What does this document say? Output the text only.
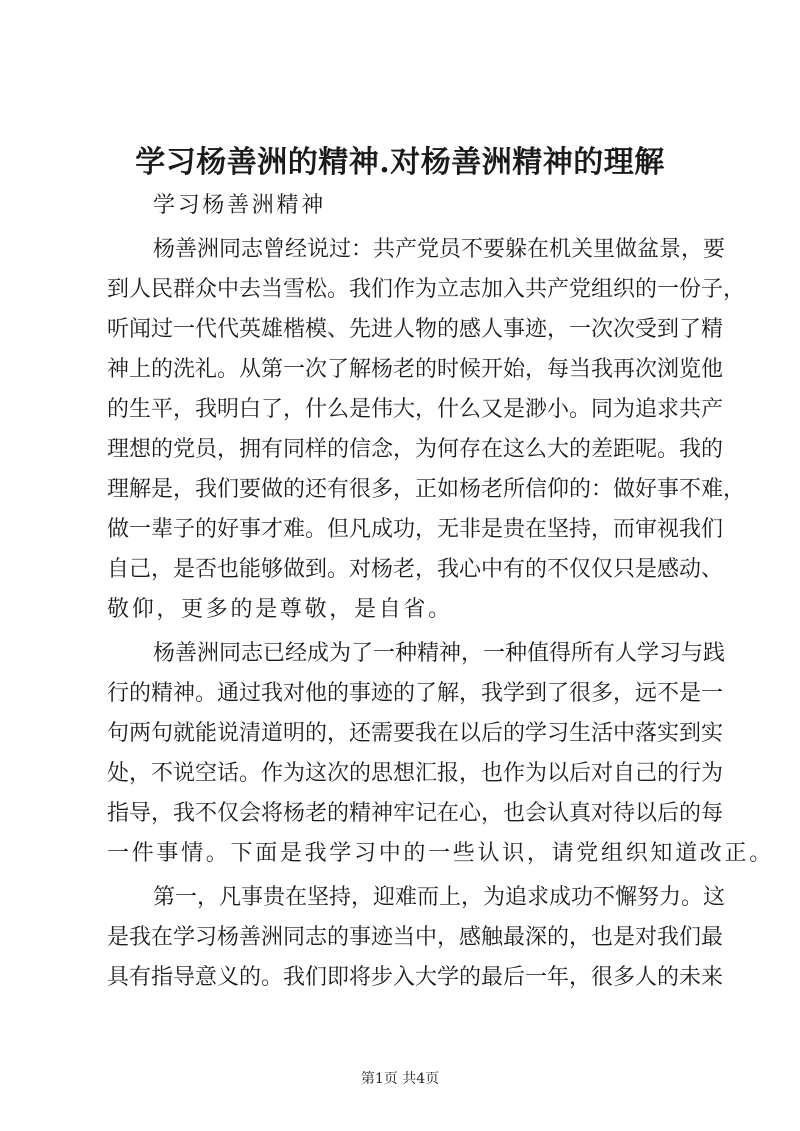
学习杨善洲的精神.对杨善洲精神的理解
学习杨善洲精神
杨善洲同志曾经说过：共产党员不要躲在机关里做盆景，要
到人民群众中去当雪松。我们作为立志加入共产党组织的一份子，
听闻过一代代英雄楷模、先进人物的感人事迹，一次次受到了精
神上的洗礼。从第一次了解杨老的时候开始，每当我再次浏览他
的生平，我明白了，什么是伟大，什么又是渺小。同为追求共产
理想的党员，拥有同样的信念，为何存在这么大的差距呢。我的
理解是，我们要做的还有很多，正如杨老所信仰的：做好事不难，
做一辈子的好事才难。但凡成功，无非是贵在坚持，而审视我们
自己，是否也能够做到。对杨老，我心中有的不仅仅只是感动、
敬仰，更多的是尊敬，是自省。
杨善洲同志已经成为了一种精神，一种值得所有人学习与践
行的精神。通过我对他的事迹的了解，我学到了很多，远不是一
句两句就能说清道明的，还需要我在以后的学习生活中落实到实
处，不说空话。作为这次的思想汇报，也作为以后对自己的行为
指导，我不仅会将杨老的精神牢记在心，也会认真对待以后的每
一件事情。下面是我学习中的一些认识，请党组织知道改正。
第一，凡事贵在坚持，迎难而上，为追求成功不懈努力。这
是我在学习杨善洲同志的事迹当中，感触最深的，也是对我们最
具有指导意义的。我们即将步入大学的最后一年，很多人的未来
第1页 共4页
